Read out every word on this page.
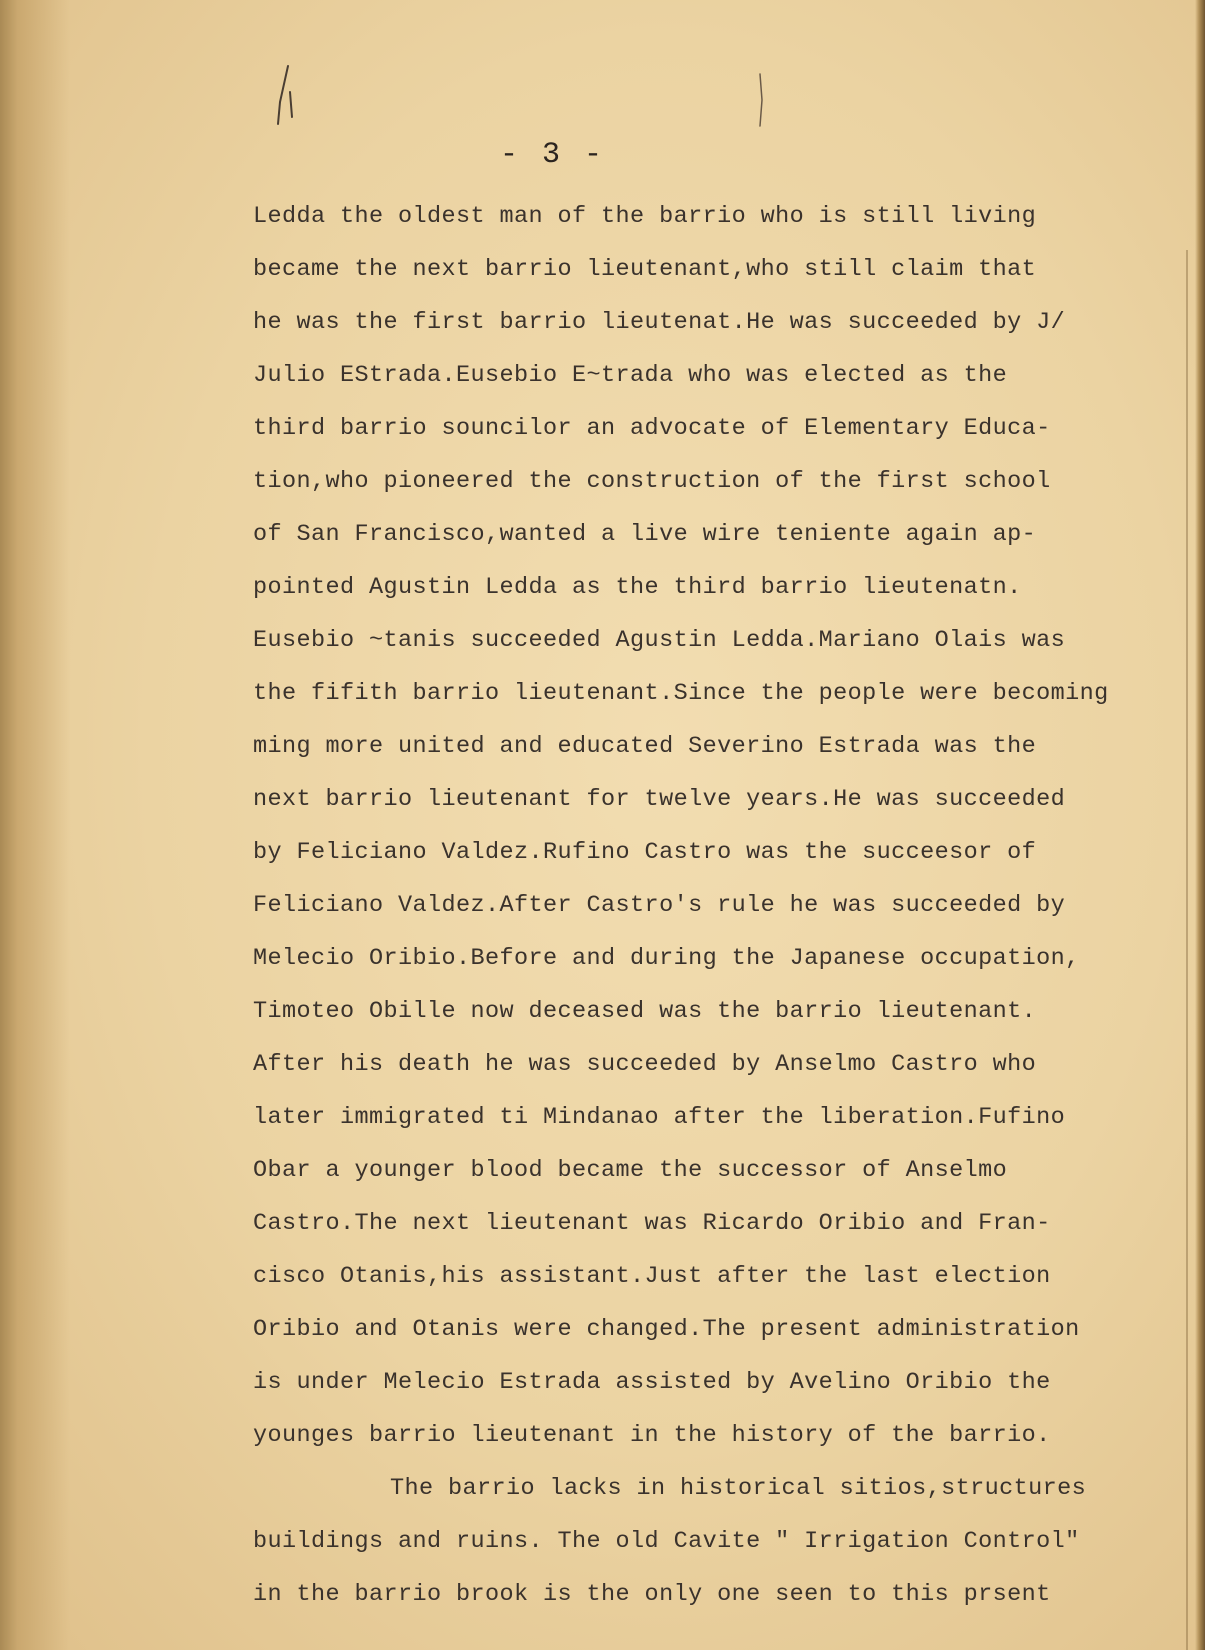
- 3 -
Ledda the oldest man of the barrio who is still living
became the next barrio lieutenant,who still claim that
he was the first barrio lieutenat.He was succeeded by J/
Julio EStrada.Eusebio E~trada who was elected as the
third barrio souncilor an advocate of Elementary Educa-
tion,who pioneered the construction of the first school
of San Francisco,wanted a live wire teniente again ap-
pointed Agustin Ledda as the third barrio lieutenatn.
Eusebio ~tanis succeeded Agustin Ledda.Mariano Olais was
the fifith barrio lieutenant.Since the people were becoming
ming more united and educated Severino Estrada was the
next barrio lieutenant for twelve years.He was succeeded
by Feliciano Valdez.Rufino Castro was the succeesor of
Feliciano Valdez.After Castro's rule he was succeeded by
Melecio Oribio.Before and during the Japanese occupation,
Timoteo Obille now deceased was the barrio lieutenant.
After his death he was succeeded by Anselmo Castro who
later immigrated ti Mindanao after the liberation.Fufino
Obar a younger blood became the successor of Anselmo
Castro.The next lieutenant was Ricardo Oribio and Fran-
cisco Otanis,his assistant.Just after the last election
Oribio and Otanis were changed.The present administration
is under Melecio Estrada assisted by Avelino Oribio the
younges barrio lieutenant in the history of the barrio.
The barrio lacks in historical sitios,structures
buildings and ruins. The old Cavite " Irrigation Control"
in the barrio brook is the only one seen to this prsent
